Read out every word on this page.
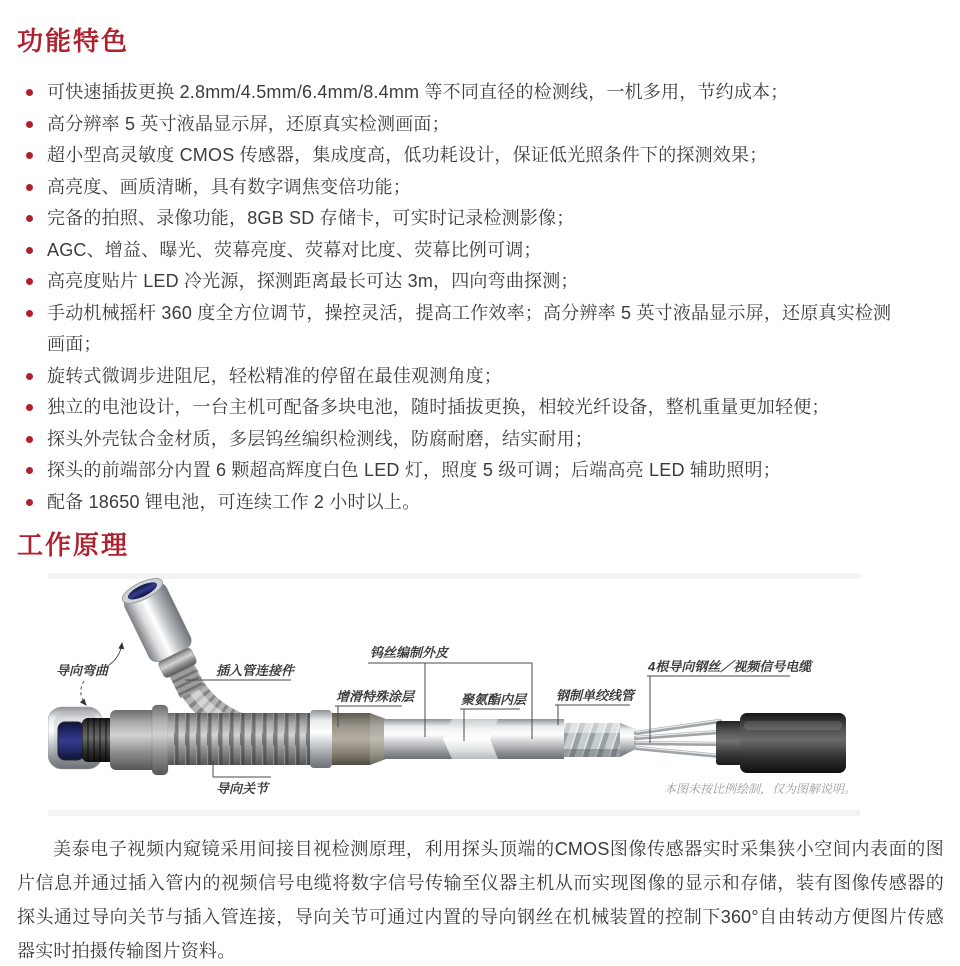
功能特色
可快速插拔更换 2.8mm/4.5mm/6.4mm/8.4mm 等不同直径的检测线，一机多用，节约成本；
高分辨率 5 英寸液晶显示屏，还原真实检测画面；
超小型高灵敏度 CMOS 传感器，集成度高，低功耗设计，保证低光照条件下的探测效果；
高亮度、画质清晰，具有数字调焦变倍功能；
完备的拍照、录像功能，8GB SD 存储卡，可实时记录检测影像；
AGC、增益、曝光、荧幕亮度、荧幕对比度、荧幕比例可调；
高亮度贴片 LED 冷光源，探测距离最长可达 3m，四向弯曲探测；
手动机械摇杆 360 度全方位调节，操控灵活，提高工作效率；高分辨率 5 英寸液晶显示屏，还原真实检测画面；
旋转式微调步进阻尼，轻松精准的停留在最佳观测角度；
独立的电池设计，一台主机可配备多块电池，随时插拔更换，相较光纤设备，整机重量更加轻便；
探头外壳钛合金材质，多层钨丝编织检测线，防腐耐磨，结实耐用；
探头的前端部分内置 6 颗超高辉度白色 LED 灯，照度 5 级可调；后端高亮 LED 辅助照明；
配备 18650 锂电池，可连续工作 2 小时以上。
工作原理
导向弯曲	插入管连接件
钨丝编制外皮
增滑特殊涂层	聚氨酯内层 钢制单绞线管
4根导向钢丝／视频信号电缆
导向关节	本图未按比例绘制，仅为图解说明。

美泰电子视频内窥镜采用间接目视检测原理，利用探头顶端的CMOS图像传感器实时采集狭小空间内表面的图片信息并通过插入管内的视频信号电缆将数字信号传输至仪器主机从而实现图像的显示和存储，装有图像传感器的探头通过导向关节与插入管连接，导向关节可通过内置的导向钢丝在机械装置的控制下360°自由转动方便图片传感器实时拍摄传输图片资料。
